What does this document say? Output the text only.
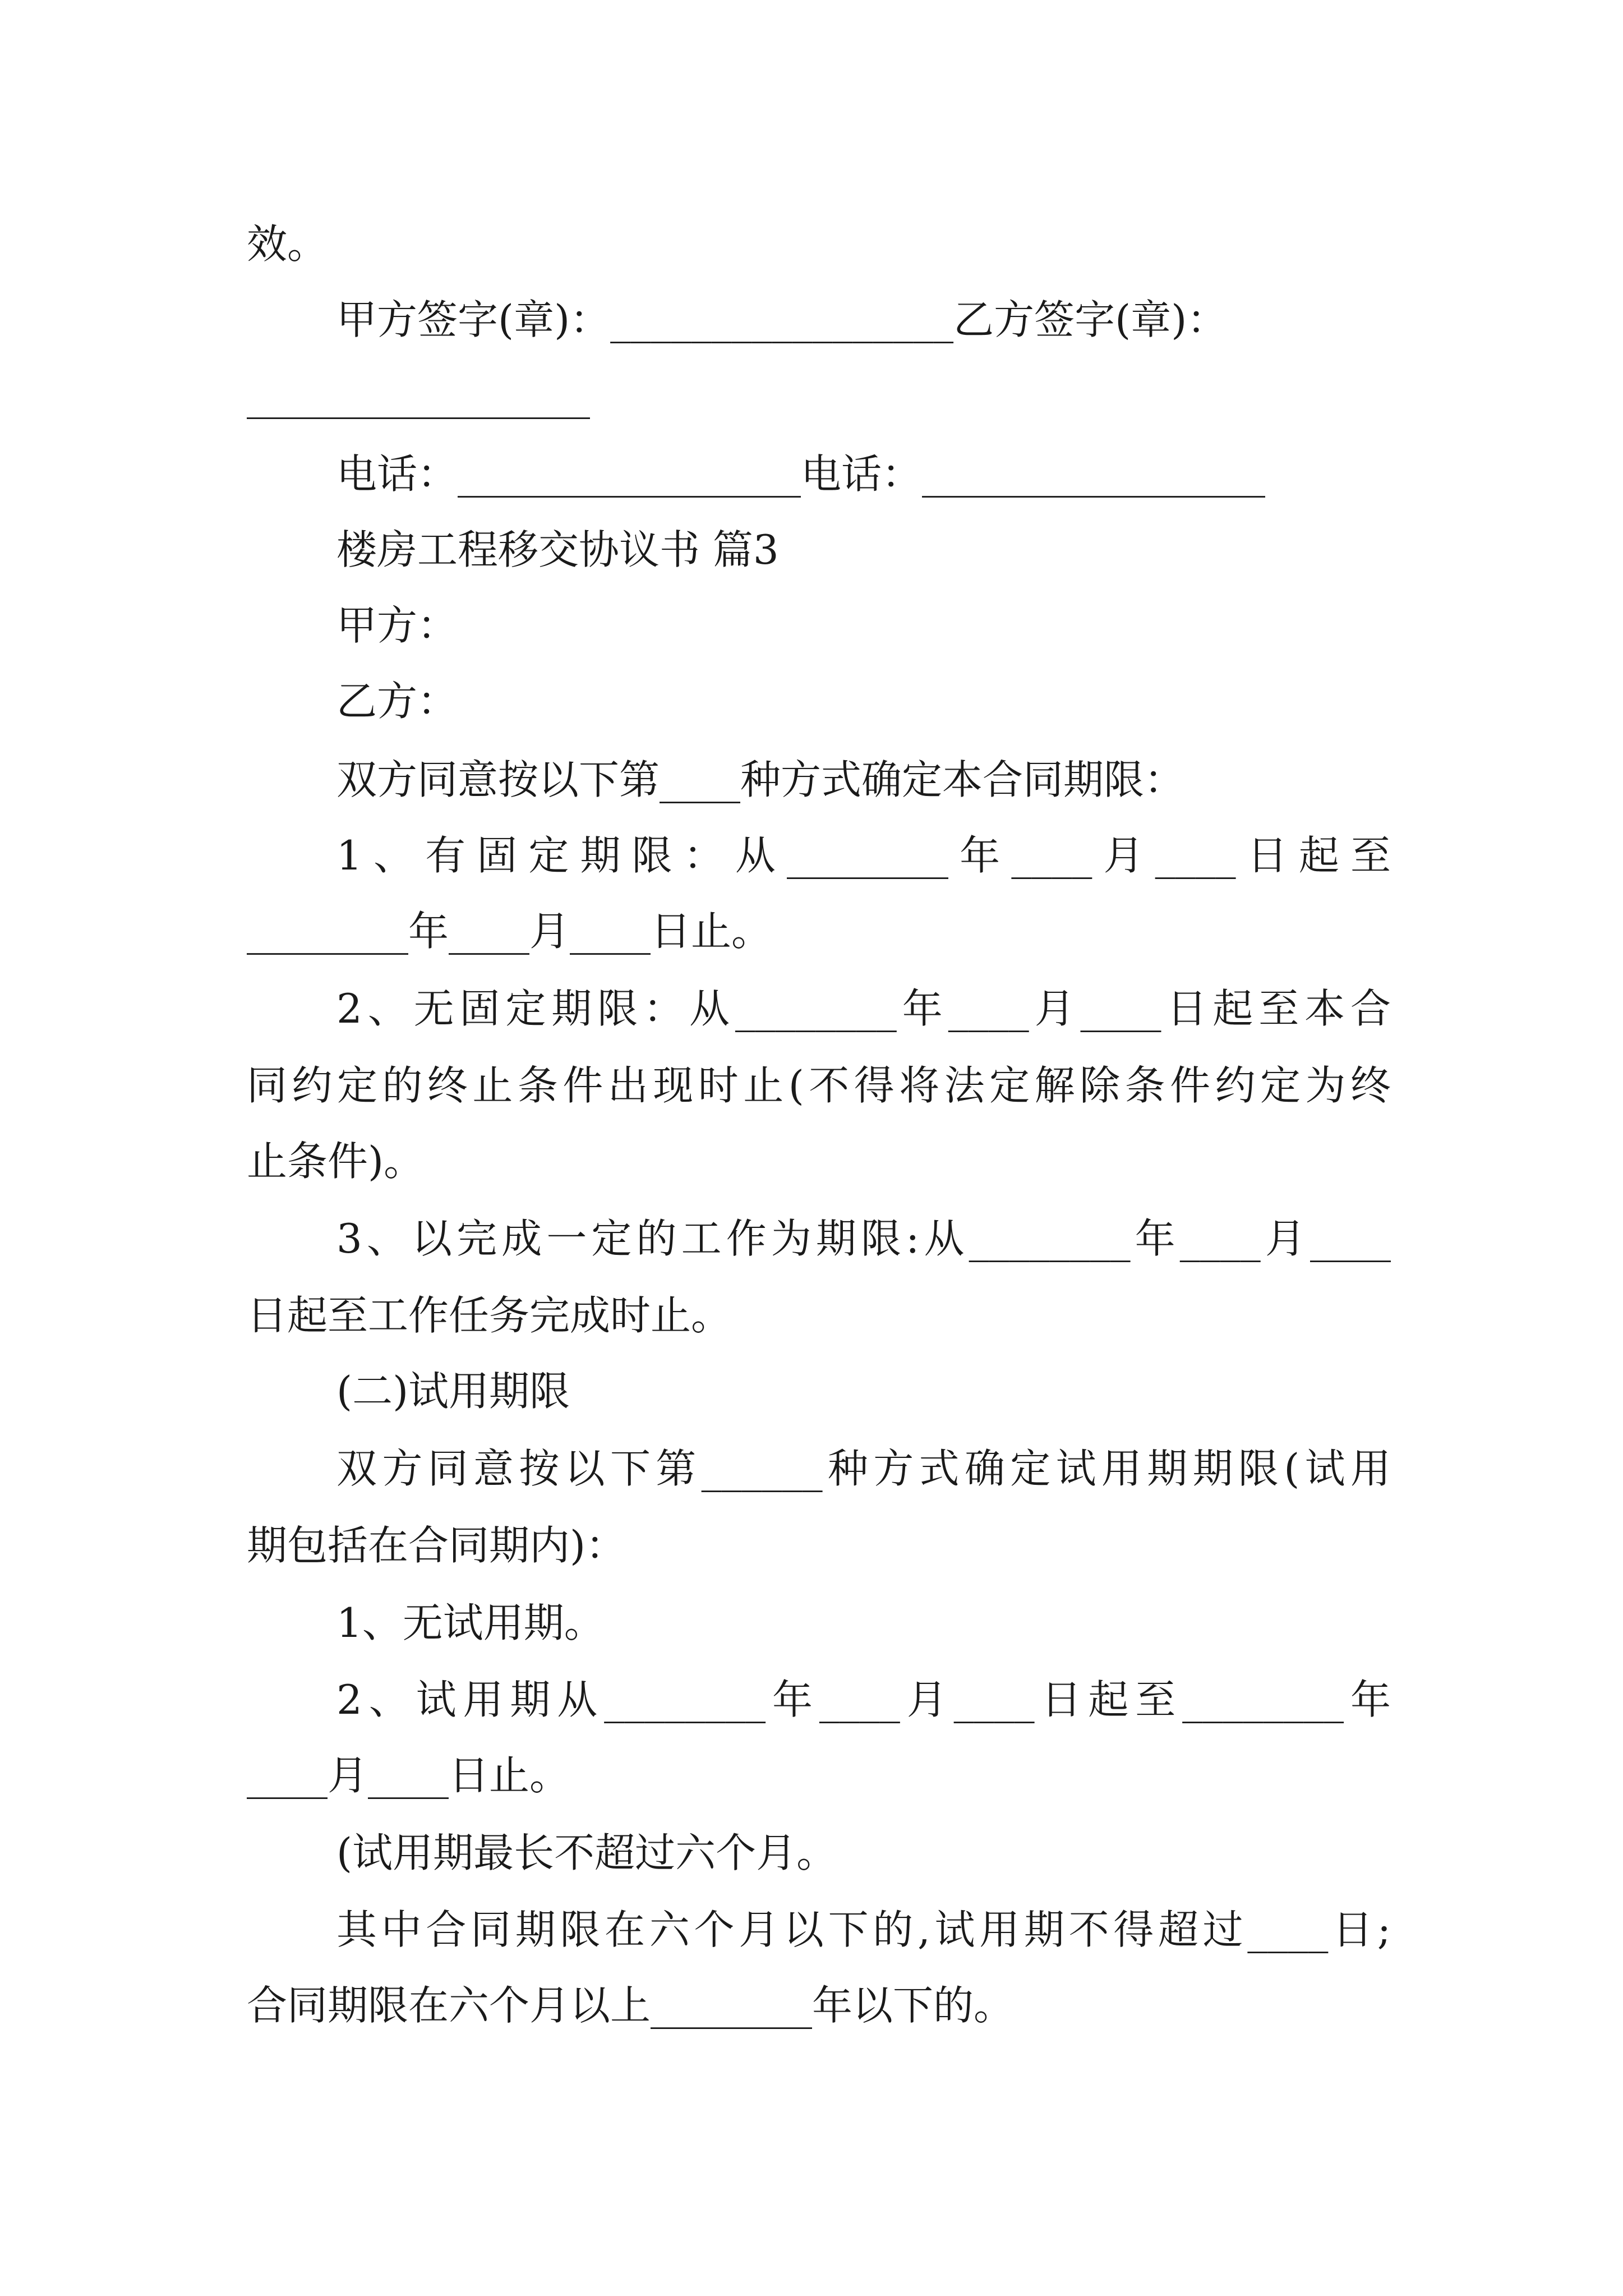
效。
甲方签字(章)：_________________乙方签字(章)：
_________________
电话：_________________电话：_________________
楼房工程移交协议书 篇3
甲方：
乙方：
双方同意按以下第____种方式确定本合同期限：
1、有固定期限：从________年____月____日起至
________年____月____日止。
2、无固定期限：从________年____月____日起至本合
同约定的终止条件出现时止(不得将法定解除条件约定为终
止条件)。
3、以完成一定的工作为期限:从________年____月____
日起至工作任务完成时止。
(二)试用期限
双方同意按以下第______种方式确定试用期期限(试用
期包括在合同期内)：
1、无试用期。
2、试用期从________年____月____日起至________年
____月____日止。
(试用期最长不超过六个月。
其中合同期限在六个月以下的,试用期不得超过____日;
合同期限在六个月以上________年以下的。
